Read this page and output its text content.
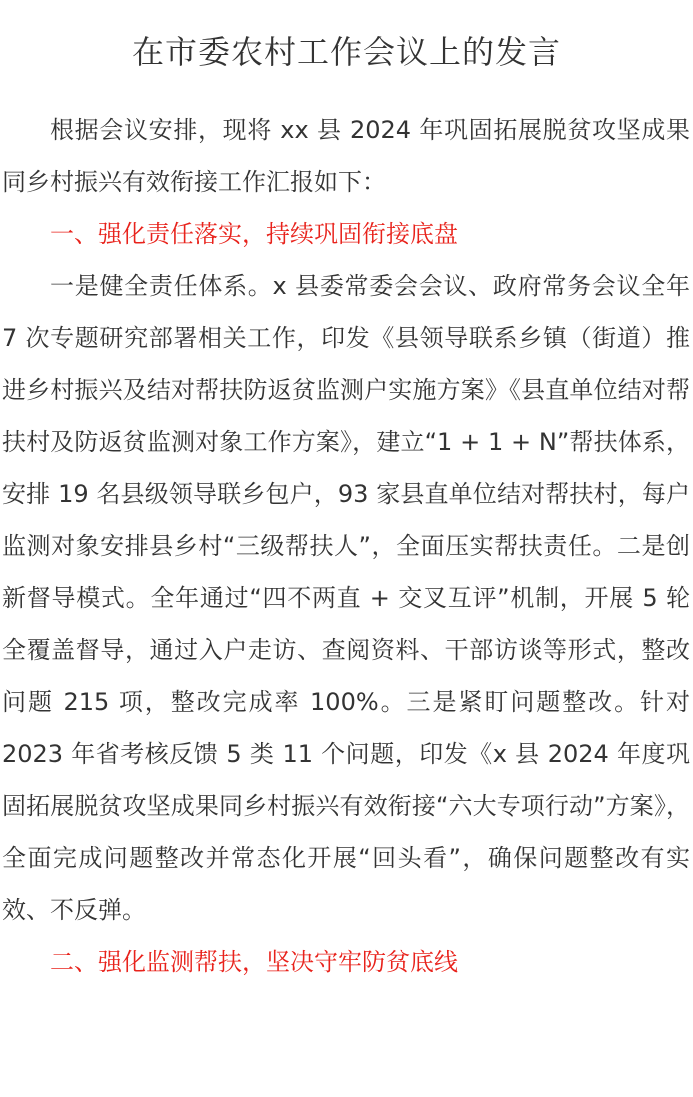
在市委农村工作会议上的发言

根据会议安排，现将 xx 县 2024 年巩固拓展脱贫攻坚成果同乡村振兴有效衔接工作汇报如下：

一、强化责任落实，持续巩固衔接底盘

一是健全责任体系。x 县委常委会会议、政府常务会议全年 7 次专题研究部署相关工作，印发《县领导联系乡镇（街道）推进乡村振兴及结对帮扶防返贫监测户实施方案》《县直单位结对帮扶村及防返贫监测对象工作方案》，建立“1 + 1 + N”帮扶体系，安排 19 名县级领导联乡包户，93 家县直单位结对帮扶村，每户监测对象安排县乡村“三级帮扶人”，全面压实帮扶责任。二是创新督导模式。全年通过“四不两直 + 交叉互评”机制，开展 5 轮全覆盖督导，通过入户走访、查阅资料、干部访谈等形式，整改问题 215 项，整改完成率 100%。三是紧盯问题整改。针对 2023 年省考核反馈 5 类 11 个问题，印发《x 县 2024 年度巩固拓展脱贫攻坚成果同乡村振兴有效衔接“六大专项行动”方案》，全面完成问题整改并常态化开展“回头看”，确保问题整改有实效、不反弹。

二、强化监测帮扶，坚决守牢防贫底线
